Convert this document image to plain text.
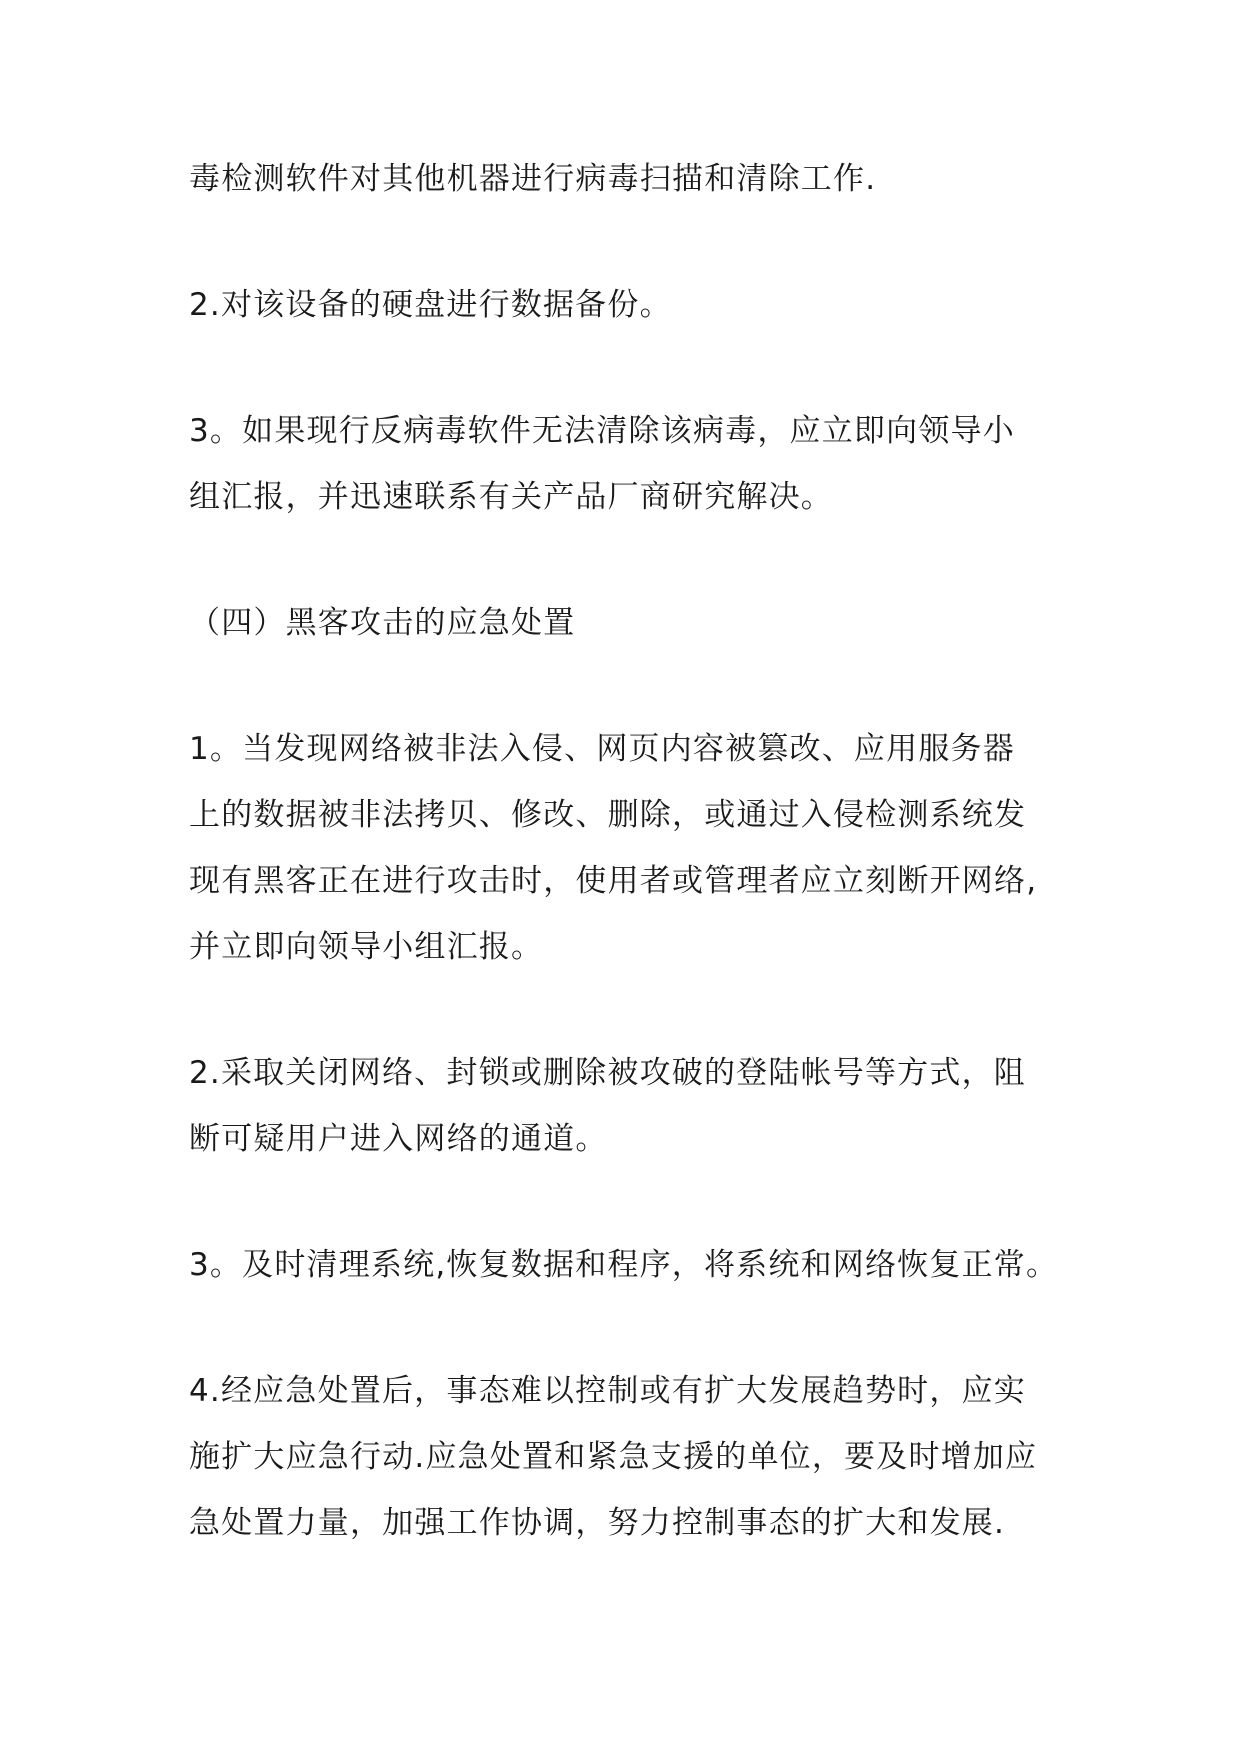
毒检测软件对其他机器进行病毒扫描和清除工作.

2.对该设备的硬盘进行数据备份。

3。如果现行反病毒软件无法清除该病毒，应立即向领导小
组汇报，并迅速联系有关产品厂商研究解决。

（四）黑客攻击的应急处置

1。当发现网络被非法入侵、网页内容被篡改、应用服务器
上的数据被非法拷贝、修改、删除，或通过入侵检测系统发
现有黑客正在进行攻击时，使用者或管理者应立刻断开网络,
并立即向领导小组汇报。

2.采取关闭网络、封锁或删除被攻破的登陆帐号等方式，阻
断可疑用户进入网络的通道。

3。及时清理系统,恢复数据和程序，将系统和网络恢复正常。

4.经应急处置后，事态难以控制或有扩大发展趋势时，应实
施扩大应急行动.应急处置和紧急支援的单位，要及时增加应
急处置力量，加强工作协调，努力控制事态的扩大和发展.
